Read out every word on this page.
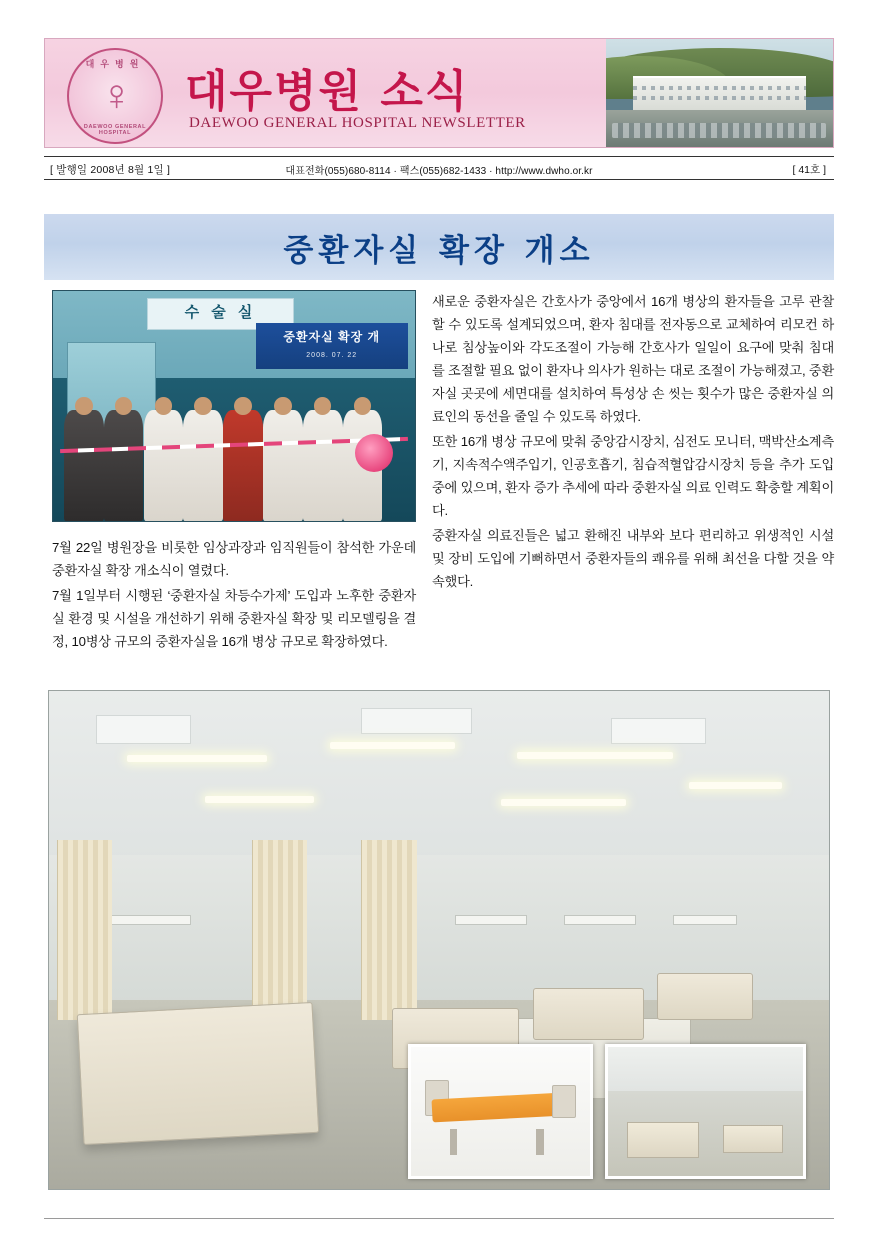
대우병원
♀
DAEWOO GENERAL HOSPITAL
대우병원 소식
DAEWOO GENERAL HOSPITAL NEWSLETTER
[ 발행일 2008년 8월 1일 ]	대표전화(055)680-8114 · 팩스(055)682-1433 · http://www.dwho.or.kr	[ 41호 ]
중환자실 확장 개소
수 술 실
중환자실 확장 개
2008. 07. 22

7월 22일 병원장을 비롯한 임상과장과 임직원들이 참석한 가운데 중환자실 확장 개소식이 열렸다.

7월 1일부터 시행된 ‘중환자실 차등수가제’ 도입과 노후한 중환자실 환경 및 시설을 개선하기 위해 중환자실 확장 및 리모델링을 결정, 10병상 규모의 중환자실을 16개 병상 규모로 확장하였다.

새로운 중환자실은 간호사가 중앙에서 16개 병상의 환자들을 고루 관찰할 수 있도록 설계되었으며, 환자 침대를 전자동으로 교체하여 리모컨 하나로 침상높이와 각도조절이 가능해 간호사가 일일이 요구에 맞춰 침대를 조절할 필요 없이 환자나 의사가 원하는 대로 조절이 가능해졌고, 중환자실 곳곳에 세면대를 설치하여 특성상 손 씻는 횟수가 많은 중환자실 의료인의 동선을 줄일 수 있도록 하였다.

또한 16개 병상 규모에 맞춰 중앙감시장치, 심전도 모니터, 맥박산소계측기, 지속적수액주입기, 인공호흡기, 침습적혈압감시장치 등을 추가 도입 중에 있으며, 환자 증가 추세에 따라 중환자실 의료 인력도 확충할 계획이다.

중환자실 의료진들은 넓고 환해진 내부와 보다 편리하고 위생적인 시설 및 장비 도입에 기뻐하면서 중환자들의 쾌유를 위해 최선을 다할 것을 약속했다.
